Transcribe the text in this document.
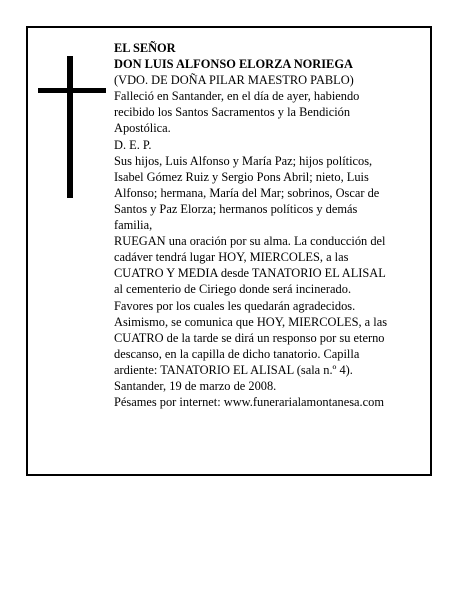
EL SEÑOR
DON LUIS ALFONSO ELORZA NORIEGA
(VDO. DE DOÑA PILAR MAESTRO PABLO)
Falleció en Santander, en el día de ayer, habiendo
recibido los Santos Sacramentos y la Bendición
Apostólica.
D. E. P.
Sus hijos, Luis Alfonso y María Paz; hijos políticos,
Isabel Gómez Ruiz y Sergio Pons Abril; nieto, Luis
Alfonso; hermana, María del Mar; sobrinos, Oscar de
Santos y Paz Elorza; hermanos políticos y demás
familia,
RUEGAN una oración por su alma. La conducción del
cadáver tendrá lugar HOY, MIERCOLES, a las
CUATRO Y MEDIA desde TANATORIO EL ALISAL
al cementerio de Ciriego donde será incinerado.
Favores por los cuales les quedarán agradecidos.
Asimismo, se comunica que HOY, MIERCOLES, a las
CUATRO de la tarde se dirá un responso por su eterno
descanso, en la capilla de dicho tanatorio. Capilla
ardiente: TANATORIO EL ALISAL (sala n.º 4).
Santander, 19 de marzo de 2008.
Pésames por internet: www.funerarialamontanesa.com
